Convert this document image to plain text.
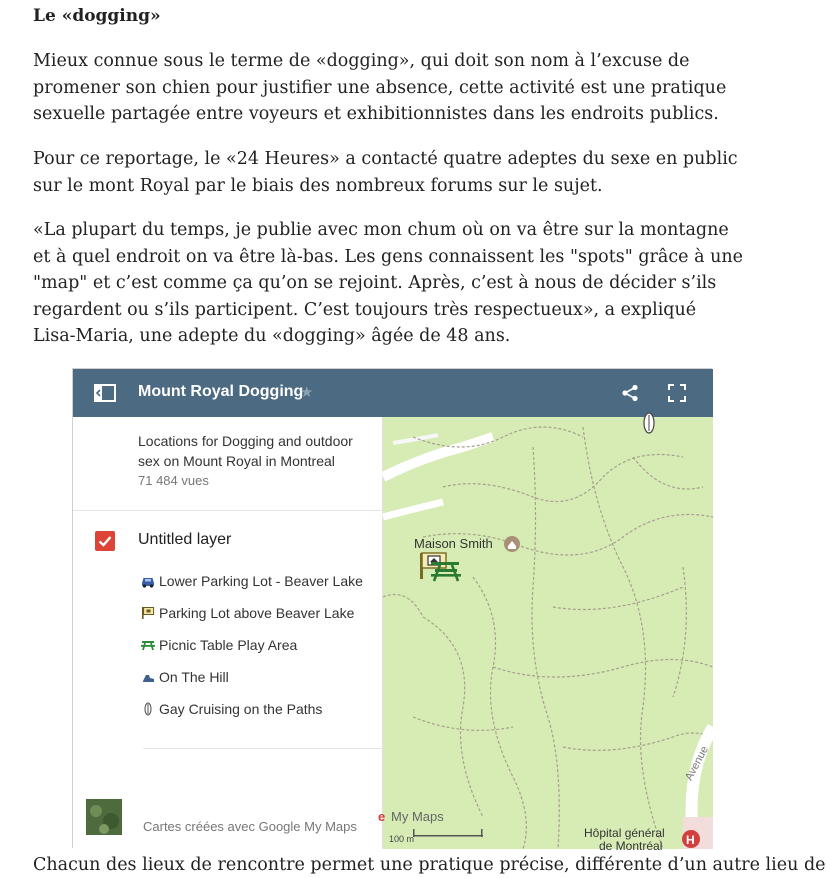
Le «dogging»
Mieux connue sous le terme de «dogging», qui doit son nom à l’excuse de
promener son chien pour justifier une absence, cette activité est une pratique
sexuelle partagée entre voyeurs et exhibitionnistes dans les endroits publics.
Pour ce reportage, le «24 Heures» a contacté quatre adeptes du sexe en public
sur le mont Royal par le biais des nombreux forums sur le sujet.
«La plupart du temps, je publie avec mon chum où on va être sur la montagne
et à quel endroit on va être là-bas. Les gens connaissent les "spots" grâce à une
"map" et c’est comme ça qu’on se rejoint. Après, c’est à nous de décider s’ils
regardent ou s’ils participent. C’est toujours très respectueux», a expliqué
Lisa-Maria, une adepte du «dogging» âgée de 48 ans.
Mount Royal Dogging
★
Locations for Dogging and outdoor sex on Mount Royal in Montreal
71 484 vues
Untitled layer
Lower Parking Lot - Beaver Lake
Parking Lot above Beaver Lake
Picnic Table Play Area
On The Hill
Gay Cruising on the Paths
Cartes créées avec Google My Maps
H
Maison Smith
Avenue
e My Maps
100 m	Hôpital général
de Montréal
Chacun des lieux de rencontre permet une pratique précise, différente d’un autre lieu de
